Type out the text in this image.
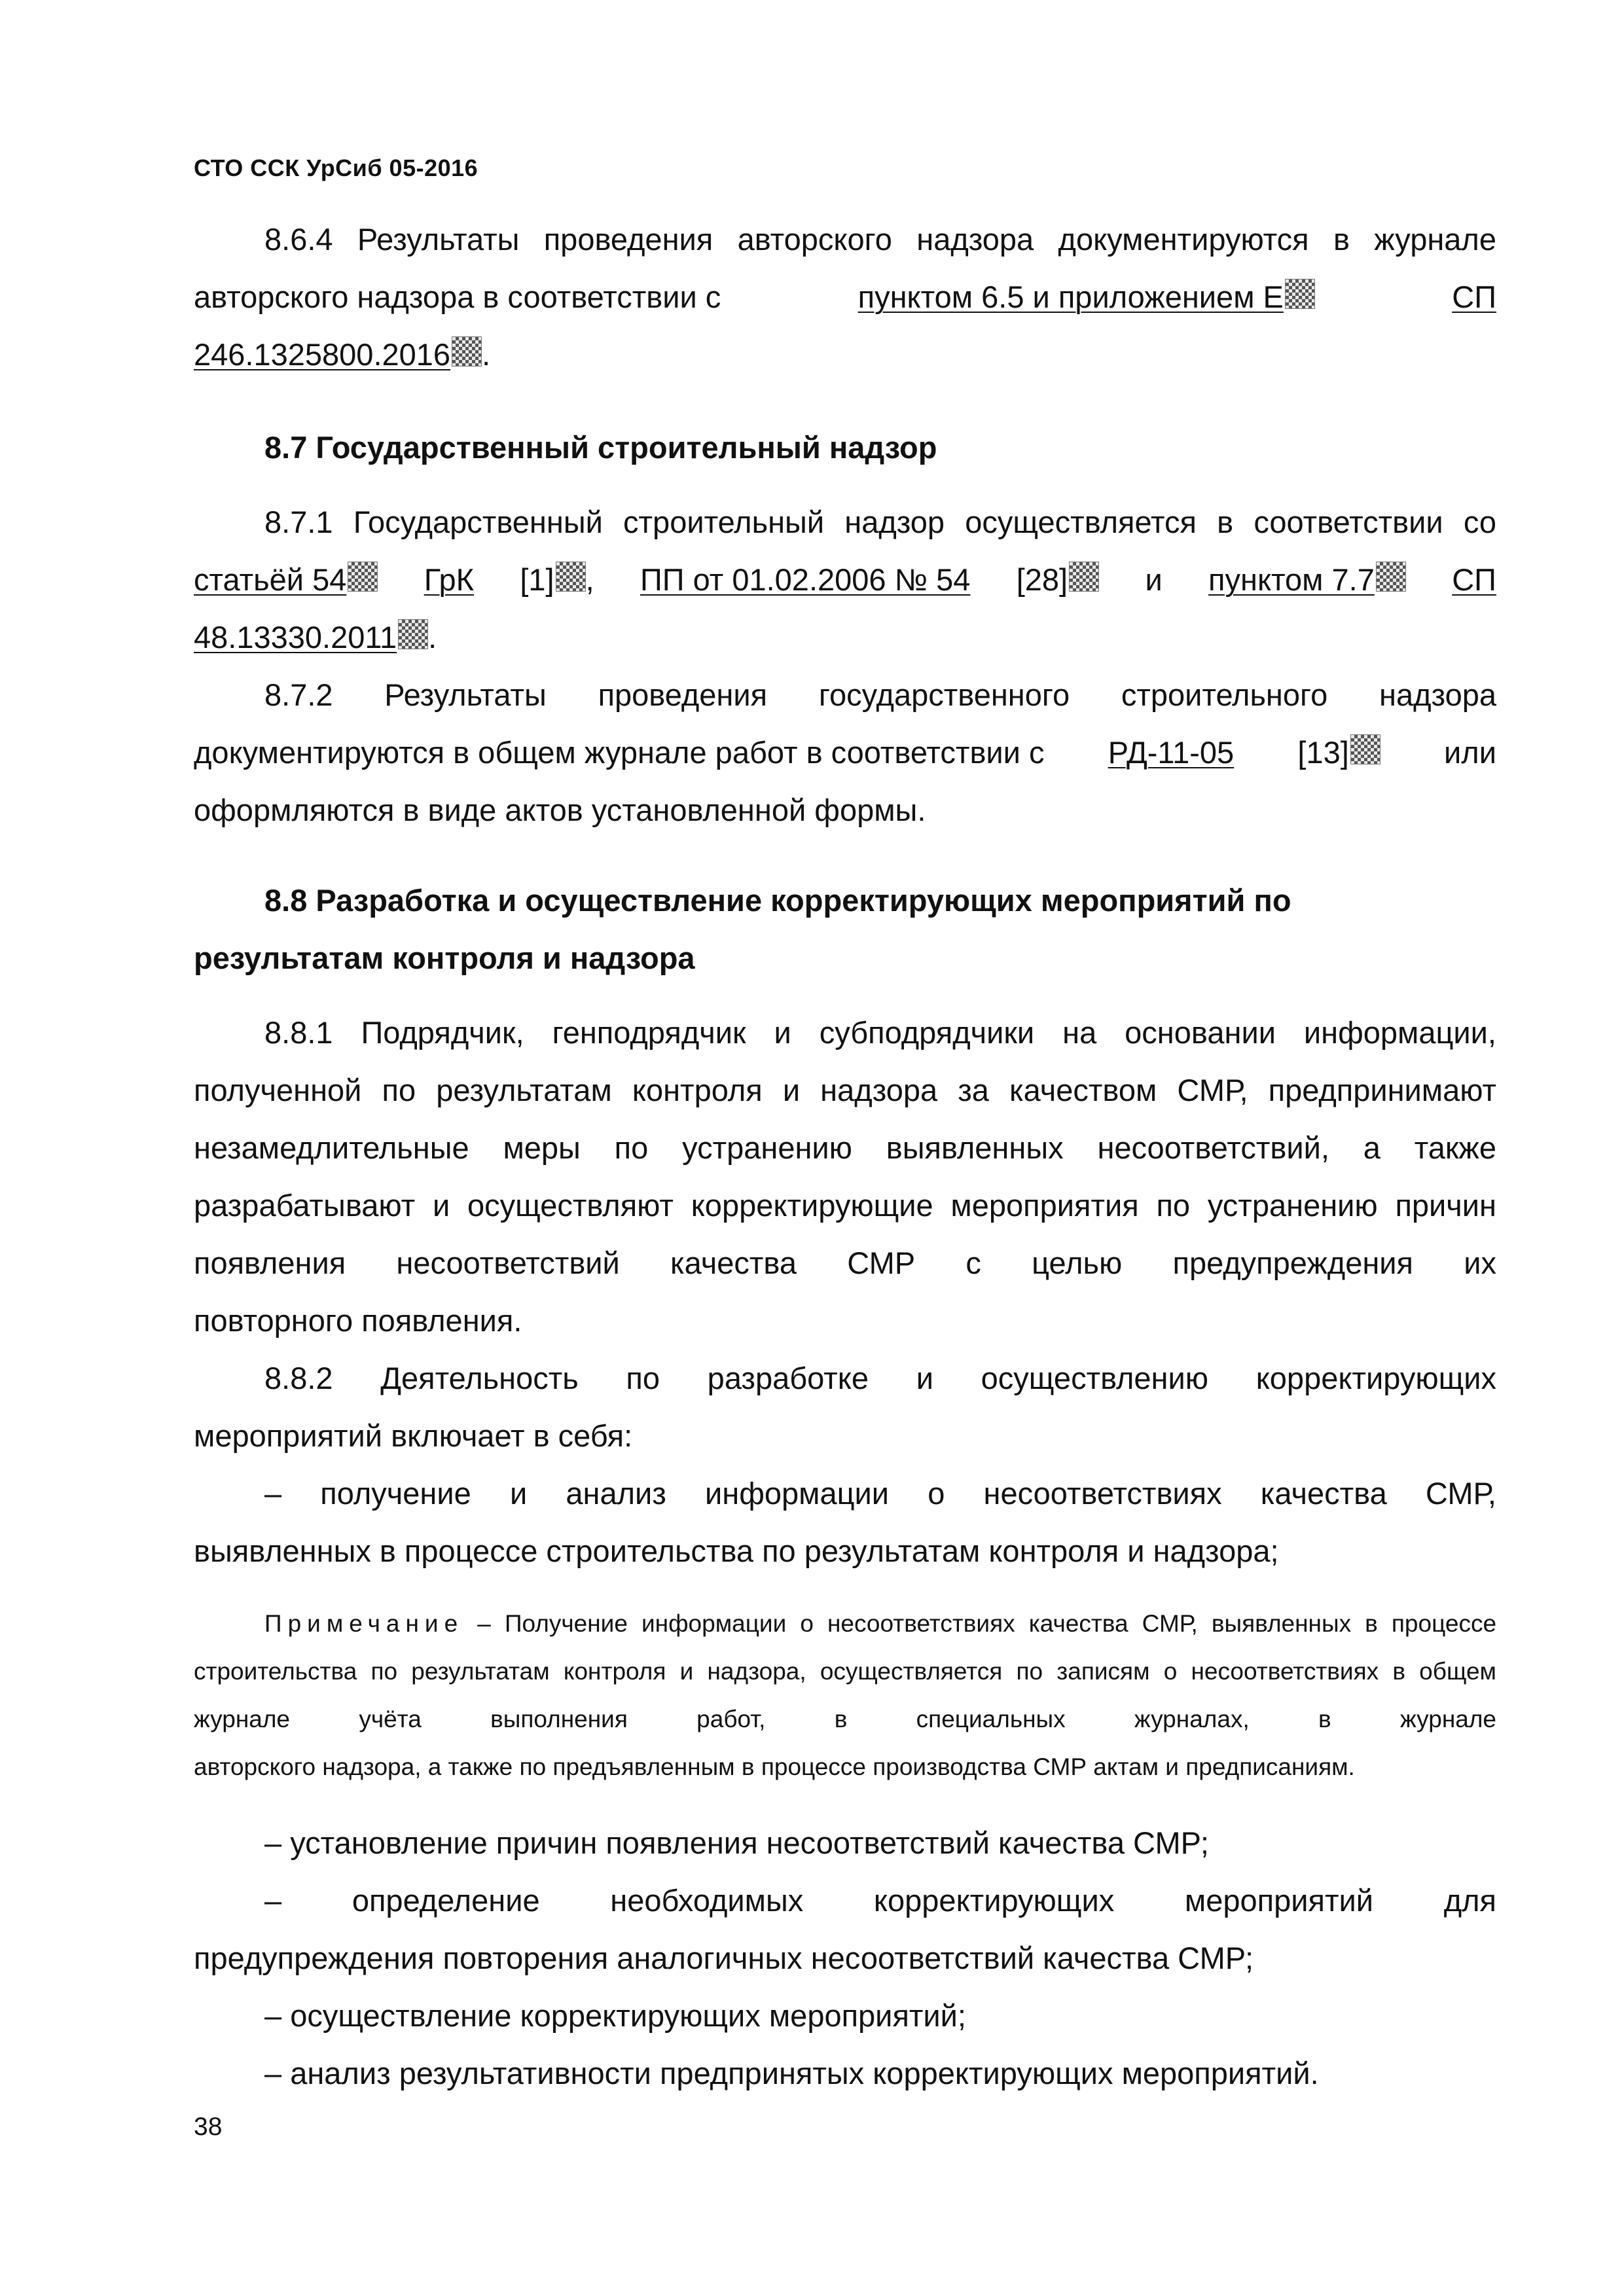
СТО ССК УрСиб 05-2016
8.6.4 Результаты проведения авторского надзора документируются в журнале
авторского надзора в соответствии с	пунктом 6.5 и приложением Е	СП
246.1325800.2016 .
8.7 Государственный строительный надзор
8.7.1 Государственный строительный надзор осуществляется в соответствии со
статьёй 54	ГрК [1] , ПП от 01.02.2006 № 54 [28]	и пунктом 7.7	СП
48.13330.2011 .
8.7.2 Результаты проведения государственного строительного надзора
документируются в общем журнале работ в соответствии с РД-11-05 [13]	или
оформляются в виде актов установленной формы.
8.8 Разработка и осуществление корректирующих мероприятий по
результатам контроля и надзора
8.8.1 Подрядчик, генподрядчик и субподрядчики на основании информации, полученной по результатам контроля и надзора за качеством СМР, предпринимают незамедлительные меры по устранению выявленных несоответствий, а также разрабатывают и осуществляют корректирующие мероприятия по устранению причин появления несоответствий качества СМР с целью предупреждения их
повторного появления.
8.8.2 Деятельность по разработке и осуществлению корректирующих
мероприятий включает в себя:
– получение и анализ информации о несоответствиях качества СМР,
выявленных в процессе строительства по результатам контроля и надзора;
Примечание – Получение информации о несоответствиях качества СМР, выявленных в процессе строительства по результатам контроля и надзора, осуществляется по записям о несоответствиях в общем журнале учёта выполнения работ, в специальных журналах, в журнале
авторского надзора, а также по предъявленным в процессе производства СМР актам и предписаниям.
– установление причин появления несоответствий качества СМР;
– определение необходимых корректирующих мероприятий для
предупреждения повторения аналогичных несоответствий качества СМР;
– осуществление корректирующих мероприятий;
– анализ результативности предпринятых корректирующих мероприятий.
38
